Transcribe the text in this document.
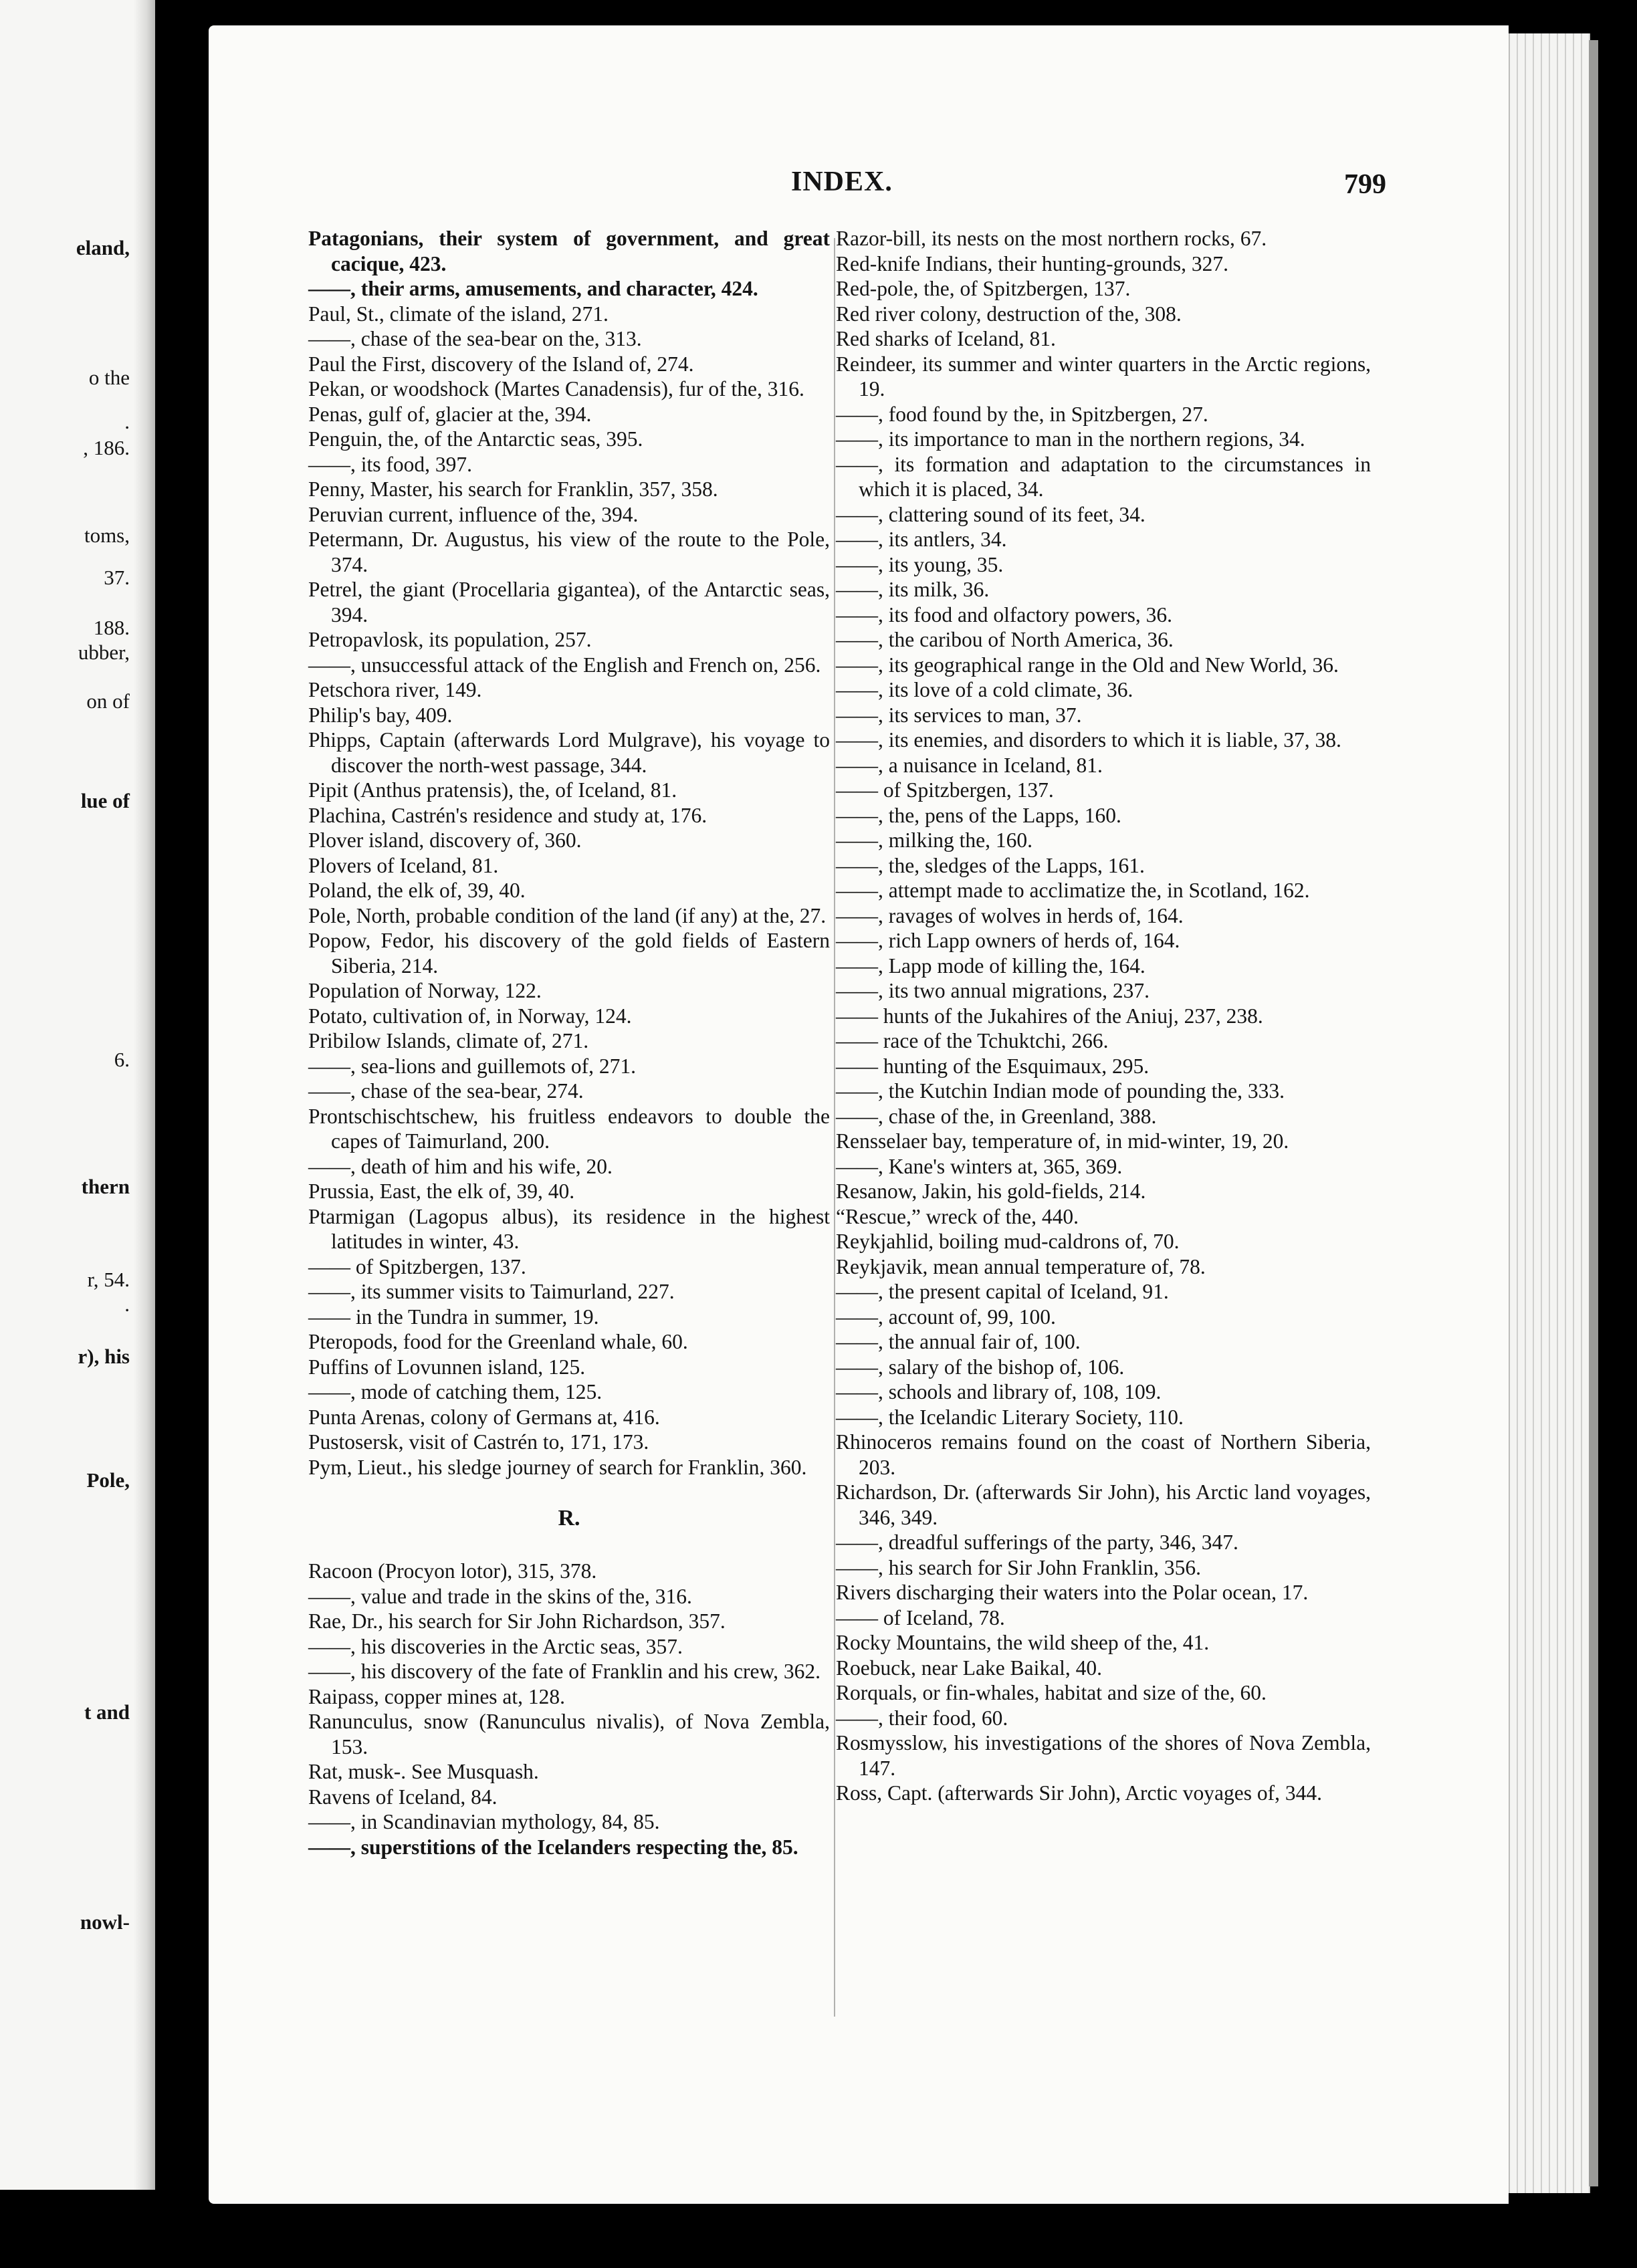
eland,
o the
.
, 186.
toms,
37.
188.
ubber,
on of
lue of
6.
thern
r, 54.
.
r), his
Pole,
t and
nowl-
INDEX.	799

Patagonians, their system of government, and great cacique, 423.

——, their arms, amusements, and character, 424.

Paul, St., climate of the island, 271.

——, chase of the sea-bear on the, 313.

Paul the First, discovery of the Island of, 274.

Pekan, or woodshock (Martes Canadensis), fur of the, 316.

Penas, gulf of, glacier at the, 394.

Penguin, the, of the Antarctic seas, 395.

——, its food, 397.

Penny, Master, his search for Franklin, 357, 358.

Peruvian current, influence of the, 394.

Petermann, Dr. Augustus, his view of the route to the Pole, 374.

Petrel, the giant (Procellaria gigantea), of the Antarctic seas, 394.

Petropavlosk, its population, 257.

——, unsuccessful attack of the English and French on, 256.

Petschora river, 149.

Philip's bay, 409.

Phipps, Captain (afterwards Lord Mulgrave), his voyage to discover the north-west passage, 344.

Pipit (Anthus pratensis), the, of Iceland, 81.

Plachina, Castrén's residence and study at, 176.

Plover island, discovery of, 360.

Plovers of Iceland, 81.

Poland, the elk of, 39, 40.

Pole, North, probable condition of the land (if any) at the, 27.

Popow, Fedor, his discovery of the gold fields of Eastern Siberia, 214.

Population of Norway, 122.

Potato, cultivation of, in Norway, 124.

Pribilow Islands, climate of, 271.

——, sea-lions and guillemots of, 271.

——, chase of the sea-bear, 274.

Prontschischtschew, his fruitless endeavors to double the capes of Taimurland, 200.

——, death of him and his wife, 20.

Prussia, East, the elk of, 39, 40.

Ptarmigan (Lagopus albus), its residence in the highest latitudes in winter, 43.

—— of Spitzbergen, 137.

——, its summer visits to Taimurland, 227.

—— in the Tundra in summer, 19.

Pteropods, food for the Greenland whale, 60.

Puffins of Lovunnen island, 125.

——, mode of catching them, 125.

Punta Arenas, colony of Germans at, 416.

Pustosersk, visit of Castrén to, 171, 173.

Pym, Lieut., his sledge journey of search for Franklin, 360.

R.

Racoon (Procyon lotor), 315, 378.

——, value and trade in the skins of the, 316.

Rae, Dr., his search for Sir John Richardson, 357.

——, his discoveries in the Arctic seas, 357.

——, his discovery of the fate of Franklin and his crew, 362.

Raipass, copper mines at, 128.

Ranunculus, snow (Ranunculus nivalis), of Nova Zembla, 153.

Rat, musk-. See Musquash.

Ravens of Iceland, 84.

——, in Scandinavian mythology, 84, 85.

——, superstitions of the Icelanders respecting the, 85.

Razor-bill, its nests on the most northern rocks, 67.

Red-knife Indians, their hunting-grounds, 327.

Red-pole, the, of Spitzbergen, 137.

Red river colony, destruction of the, 308.

Red sharks of Iceland, 81.

Reindeer, its summer and winter quarters in the Arctic regions, 19.

——, food found by the, in Spitzbergen, 27.

——, its importance to man in the northern regions, 34.

——, its formation and adaptation to the circumstances in which it is placed, 34.

——, clattering sound of its feet, 34.

——, its antlers, 34.

——, its young, 35.

——, its milk, 36.

——, its food and olfactory powers, 36.

——, the caribou of North America, 36.

——, its geographical range in the Old and New World, 36.

——, its love of a cold climate, 36.

——, its services to man, 37.

——, its enemies, and disorders to which it is liable, 37, 38.

——, a nuisance in Iceland, 81.

—— of Spitzbergen, 137.

——, the, pens of the Lapps, 160.

——, milking the, 160.

——, the, sledges of the Lapps, 161.

——, attempt made to acclimatize the, in Scotland, 162.

——, ravages of wolves in herds of, 164.

——, rich Lapp owners of herds of, 164.

——, Lapp mode of killing the, 164.

——, its two annual migrations, 237.

—— hunts of the Jukahires of the Aniuj, 237, 238.

—— race of the Tchuktchi, 266.

—— hunting of the Esquimaux, 295.

——, the Kutchin Indian mode of pounding the, 333.

——, chase of the, in Greenland, 388.

Rensselaer bay, temperature of, in mid-winter, 19, 20.

——, Kane's winters at, 365, 369.

Resanow, Jakin, his gold-fields, 214.

“Rescue,” wreck of the, 440.

Reykjahlid, boiling mud-caldrons of, 70.

Reykjavik, mean annual temperature of, 78.

——, the present capital of Iceland, 91.

——, account of, 99, 100.

——, the annual fair of, 100.

——, salary of the bishop of, 106.

——, schools and library of, 108, 109.

——, the Icelandic Literary Society, 110.

Rhinoceros remains found on the coast of Northern Siberia, 203.

Richardson, Dr. (afterwards Sir John), his Arctic land voyages, 346, 349.

——, dreadful sufferings of the party, 346, 347.

——, his search for Sir John Franklin, 356.

Rivers discharging their waters into the Polar ocean, 17.

—— of Iceland, 78.

Rocky Mountains, the wild sheep of the, 41.

Roebuck, near Lake Baikal, 40.

Rorquals, or fin-whales, habitat and size of the, 60.

——, their food, 60.

Rosmysslow, his investigations of the shores of Nova Zembla, 147.

Ross, Capt. (afterwards Sir John), Arctic voyages of, 344.
